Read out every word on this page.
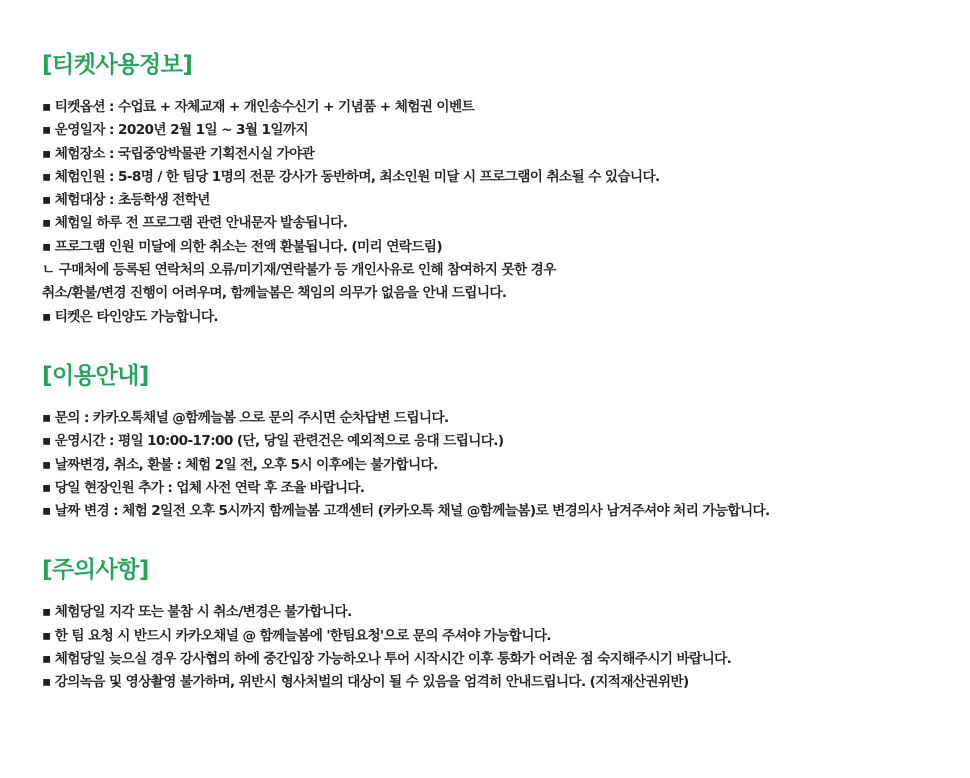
[티켓사용정보]
▪ 티켓옵션 : 수업료 + 자체교재 + 개인송수신기 + 기념품 + 체험권 이벤트
▪ 운영일자 : 2020년 2월 1일 ~ 3월 1일까지
▪ 체험장소 : 국립중앙박물관 기획전시실 가야관
▪ 체험인원 : 5-8명 / 한 팀당 1명의 전문 강사가 동반하며, 최소인원 미달 시 프로그램이 취소될 수 있습니다.
▪ 체험대상 : 초등학생 전학년
▪ 체험일 하루 전 프로그램 관련 안내문자 발송됩니다.
▪ 프로그램 인원 미달에 의한 취소는 전액 환불됩니다. (미리 연락드림)
ㄴ 구매처에 등록된 연락처의 오류/미기재/연락불가 등 개인사유로 인해 참여하지 못한 경우
취소/환불/변경 진행이 어려우며, 함께늘봄은 책임의 의무가 없음을 안내 드립니다.
▪ 티켓은 타인양도 가능합니다.
[이용안내]
▪ 문의 : 카카오톡채널 @함께늘봄 으로 문의 주시면 순차답변 드립니다.
▪ 운영시간 : 평일 10:00-17:00 (단, 당일 관련건은 예외적으로 응대 드립니다.)
▪ 날짜변경, 취소, 환불 : 체험 2일 전, 오후 5시 이후에는 불가합니다.
▪ 당일 현장인원 추가 : 업체 사전 연락 후 조율 바랍니다.
▪ 날짜 변경 : 체험 2일전 오후 5시까지 함께늘봄 고객센터 (카카오톡 채널 @함께늘봄)로 변경의사 남겨주셔야 처리 가능합니다.
[주의사항]
▪ 체험당일 지각 또는 불참 시 취소/변경은 불가합니다.
▪ 한 팀 요청 시 반드시 카카오채널 @ 함께늘봄에 '한팀요청'으로 문의 주셔야 가능합니다.
▪ 체험당일 늦으실 경우 강사협의 하에 중간입장 가능하오나 투어 시작시간 이후 통화가 어려운 점 숙지해주시기 바랍니다.
▪ 강의녹음 및 영상촬영 불가하며, 위반시 형사처벌의 대상이 될 수 있음을 엄격히 안내드립니다. (지적재산권위반)
